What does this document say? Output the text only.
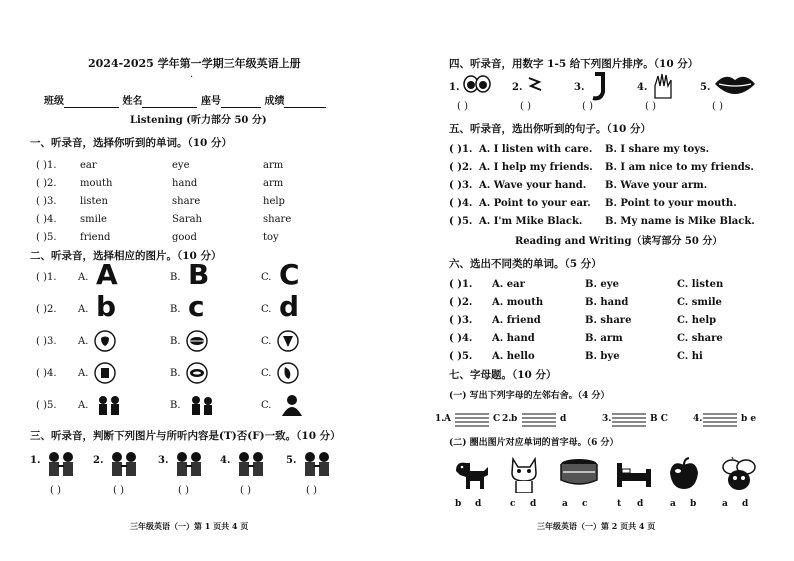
2024-2025 学年第一学期三年级英语上册
·
班级	姓名	座号	成绩
Listening (听力部分 50 分)
一、听录音，选择你听到的单词。（10 分）
( )1. ear	eye	arm
( )2. mouth	hand	arm
( )3. listen	share	help
( )4. smile	Sarah	share
( )5. friend	good	toy
二、听录音，选择相应的图片。（10 分）
( )1. A. A	B. B	C. C
( )2. A. b	B. c	C. d
( )3. A.	B.	C.
( )4. A.	B.	C.
( )5. A.	B.	C.
三、听录音，判断下列图片与所听内容是(T)否(F)一致。（10 分）
1.
( )
2.
( )
3.
( )
4.
( )
5.
( )
三年级英语（一）第 1 页共 4 页
四、听录音，用数字 1-5 给下列图片排序。（10 分）
1.
( )
2.
( )
3.
( )
4.
( )
5.
( )
五、听录音，选出你听到的句子。（10 分）
( )1. A. I listen with care. B. I share my toys.
( )2. A. I help my friends. B. I am nice to my friends.
( )3. A. Wave your hand. B. Wave your arm.
( )4. A. Point to your ear. B. Point to your mouth.
( )5. A. I'm Mike Black. B. My name is Mike Black.
Reading and Writing（读写部分 50 分）
六、选出不同类的单词。（5 分）
( )1. A. ear	B. eye	C. listen
( )2. A. mouth	B. hand	C. smile
( )3. A. friend	B. share	C. help
( )4. A. hand	B. arm	C. share
( )5. A. hello	B. bye	C. hi
七、字母题。（10 分）
(一) 写出下列字母的左邻右舍。（4 分）
1. A	C 2. b	d	3.	B C	4.	b e
(二) 圈出图片对应单词的首字母。（6 分）
b d	c d	a c	t d	a b	a d
三年级英语（一）第 2 页共 4 页
